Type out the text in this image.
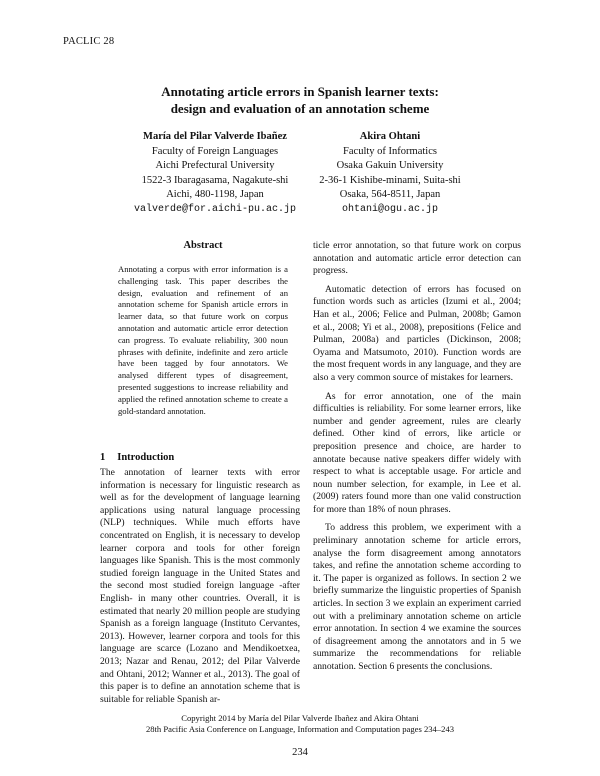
PACLIC 28
Annotating article errors in Spanish learner texts:
design and evaluation of an annotation scheme
María del Pilar Valverde Ibañez
Faculty of Foreign Languages
Aichi Prefectural University
1522-3 Ibaragasama, Nagakute-shi
Aichi, 480-1198, Japan
valverde@for.aichi-pu.ac.jp
Akira Ohtani
Faculty of Informatics
Osaka Gakuin University
2-36-1 Kishibe-minami, Suita-shi
Osaka, 564-8511, Japan
ohtani@ogu.ac.jp
Abstract
Annotating a corpus with error information is a challenging task. This paper describes the design, evaluation and refinement of an annotation scheme for Spanish article errors in learner data, so that future work on corpus annotation and automatic article error detection can progress. To evaluate reliability, 300 noun phrases with definite, indefinite and zero article have been tagged by four annotators. We analysed different types of disagreement, presented suggestions to increase reliability and applied the refined annotation scheme to create a gold-standard annotation.
1 Introduction

The annotation of learner texts with error information is necessary for linguistic research as well as for the development of language learning applications using natural language processing (NLP) techniques. While much efforts have concentrated on English, it is necessary to develop learner corpora and tools for other foreign languages like Spanish. This is the most commonly studied foreign language in the United States and the second most studied foreign language -after English- in many other countries. Overall, it is estimated that nearly 20 million people are studying Spanish as a foreign language (Instituto Cervantes, 2013). However, learner corpora and tools for this language are scarce (Lozano and Mendikoetxea, 2013; Nazar and Renau, 2012; del Pilar Valverde and Ohtani, 2012; Wanner et al., 2013). The goal of this paper is to define an annotation scheme that is suitable for reliable Spanish ar-

ticle error annotation, so that future work on corpus annotation and automatic article error detection can progress.

Automatic detection of errors has focused on function words such as articles (Izumi et al., 2004; Han et al., 2006; Felice and Pulman, 2008b; Gamon et al., 2008; Yi et al., 2008), prepositions (Felice and Pulman, 2008a) and particles (Dickinson, 2008; Oyama and Matsumoto, 2010). Function words are the most frequent words in any language, and they are also a very common source of mistakes for learners.

As for error annotation, one of the main difficulties is reliability. For some learner errors, like number and gender agreement, rules are clearly defined. Other kind of errors, like article or preposition presence and choice, are harder to annotate because native speakers differ widely with respect to what is acceptable usage. For article and noun number selection, for example, in Lee et al. (2009) raters found more than one valid construction for more than 18% of noun phrases.

To address this problem, we experiment with a preliminary annotation scheme for article errors, analyse the form disagreement among annotators takes, and refine the annotation scheme according to it. The paper is organized as follows. In section 2 we briefly summarize the linguistic properties of Spanish articles. In section 3 we explain an experiment carried out with a preliminary annotation scheme on article error annotation. In section 4 we examine the sources of disagreement among the annotators and in 5 we summarize the recommendations for reliable annotation. Section 6 presents the conclusions.

Copyright 2014 by María del Pilar Valverde Ibañez and Akira Ohtani
28th Pacific Asia Conference on Language, Information and Computation pages 234–243
234
